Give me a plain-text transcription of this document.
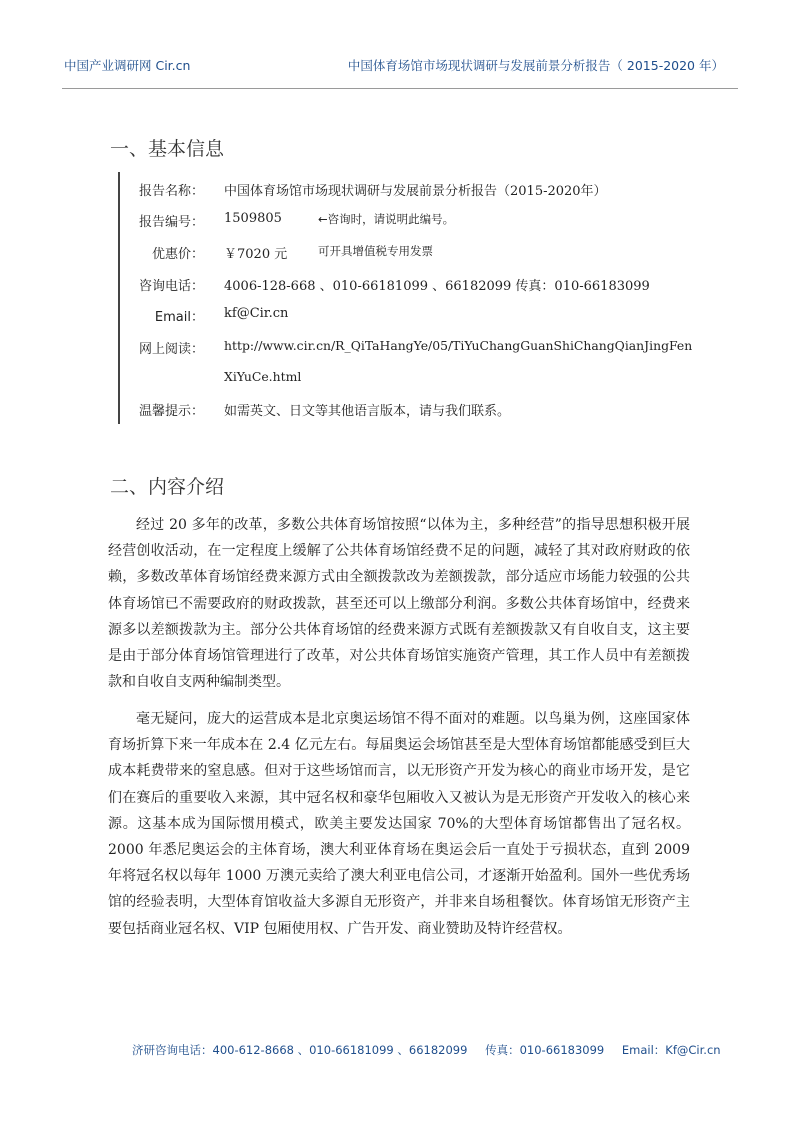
中国产业调研网 Cir.cn	中国体育场馆市场现状调研与发展前景分析报告（ 2015-2020 年）
一、基本信息
报告名称： 中国体育场馆市场现状调研与发展前景分析报告（2015-2020年）
报告编号： 1509805	←咨询时，请说明此编号。
优惠价： ￥7020 元	可开具增值税专用发票
咨询电话： 4006-128-668 、010-66181099 、66182099 传真：010-66183099
Email： kf@Cir.cn
网上阅读： http://www.cir.cn/R_QiTaHangYe/05/TiYuChangGuanShiChangQianJingFen
XiYuCe.html
温馨提示： 如需英文、日文等其他语言版本，请与我们联系。
二、内容介绍

经过 20 多年的改革，多数公共体育场馆按照“以体为主，多种经营”的指导思想积极开展经营创收活动，在一定程度上缓解了公共体育场馆经费不足的问题，减轻了其对政府财政的依赖，多数改革体育场馆经费来源方式由全额拨款改为差额拨款，部分适应市场能力较强的公共体育场馆已不需要政府的财政拨款，甚至还可以上缴部分利润。多数公共体育场馆中，经费来源多以差额拨款为主。部分公共体育场馆的经费来源方式既有差额拨款又有自收自支，这主要是由于部分体育场馆管理进行了改革，对公共体育场馆实施资产管理，其工作人员中有差额拨款和自收自支两种编制类型。

毫无疑问，庞大的运营成本是北京奥运场馆不得不面对的难题。以鸟巢为例，这座国家体育场折算下来一年成本在 2.4 亿元左右。每届奥运会场馆甚至是大型体育场馆都能感受到巨大成本耗费带来的窒息感。但对于这些场馆而言，以无形资产开发为核心的商业市场开发，是它们在赛后的重要收入来源，其中冠名权和豪华包厢收入又被认为是无形资产开发收入的核心来源。这基本成为国际惯用模式，欧美主要发达国家 70%的大型体育场馆都售出了冠名权。2000 年悉尼奥运会的主体育场，澳大利亚体育场在奥运会后一直处于亏损状态，直到 2009 年将冠名权以每年 1000 万澳元卖给了澳大利亚电信公司，才逐渐开始盈利。国外一些优秀场馆的经验表明，大型体育馆收益大多源自无形资产，并非来自场租餐饮。体育场馆无形资产主要包括商业冠名权、VIP 包厢使用权、广告开发、商业赞助及特许经营权。

济研咨询电话：400-612-8668 、010-66181099 、66182099 传真：010-66183099 Email：Kf@Cir.cn
